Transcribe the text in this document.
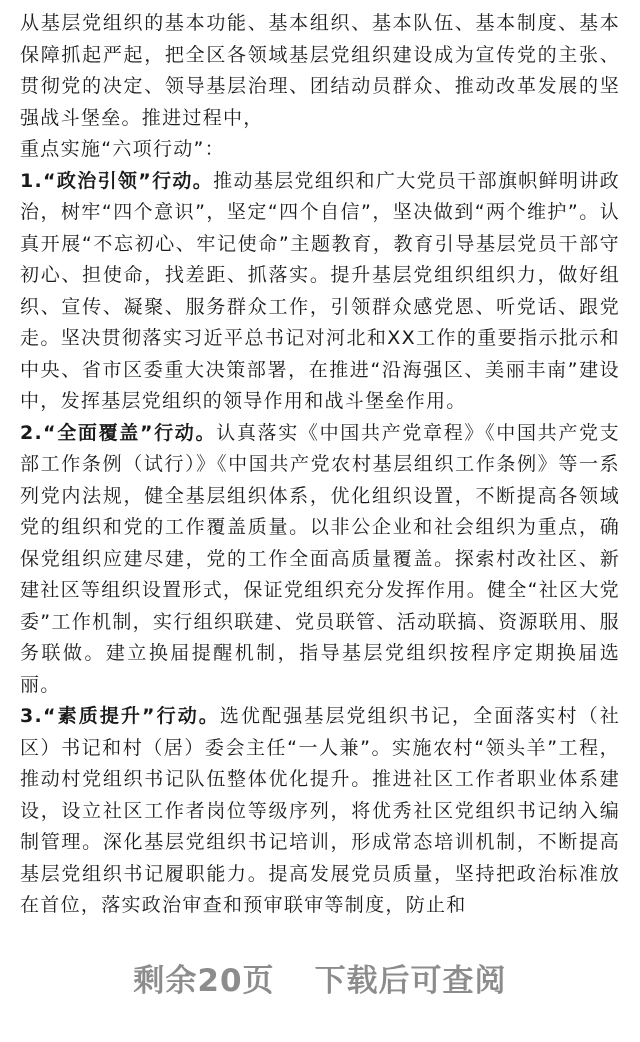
从基层党组织的基本功能、基本组织、基本队伍、基本制度、基本保障抓起严起，把全区各领域基层党组织建设成为宣传党的主张、贯彻党的决定、领导基层治理、团结动员群众、推动改革发展的坚强战斗堡垒。推进过程中，
重点实施“六项行动”：

1.“政治引领”行动。推动基层党组织和广大党员干部旗帜鲜明讲政治，树牢“四个意识”，坚定“四个自信”，坚决做到“两个维护”。认真开展“不忘初心、牢记使命”主题教育，教育引导基层党员干部守初心、担使命，找差距、抓落实。提升基层党组织组织力，做好组织、宣传、凝聚、服务群众工作，引领群众感党恩、听党话、跟党走。坚决贯彻落实习近平总书记对河北和XX工作的重要指示批示和中央、省市区委重大决策部署，在推进“沿海强区、美丽丰南”建设中，发挥基层党组织的领导作用和战斗堡垒作用。

2.“全面覆盖”行动。认真落实《中国共产党章程》《中国共产党支部工作条例（试行）》《中国共产党农村基层组织工作条例》等一系列党内法规，健全基层组织体系，优化组织设置，不断提高各领域党的组织和党的工作覆盖质量。以非公企业和社会组织为重点，确保党组织应建尽建，党的工作全面高质量覆盖。探索村改社区、新建社区等组织设置形式，保证党组织充分发挥作用。健全“社区大党委”工作机制，实行组织联建、党员联管、活动联搞、资源联用、服务联做。建立换届提醒机制，指导基层党组织按程序定期换届选丽。

3.“素质提升”行动。选优配强基层党组织书记，全面落实村（社区）书记和村（居）委会主任“一人兼”。实施农村“领头羊”工程，推动村党组织书记队伍整体优化提升。推进社区工作者职业体系建设，设立社区工作者岗位等级序列，将优秀社区党组织书记纳入编制管理。深化基层党组织书记培训，形成常态培训机制，不断提高基层党组织书记履职能力。提高发展党员质量，坚持把政治标准放在首位，落实政治审查和预审联审等制度，防止和

剩余20页 下载后可查阅
